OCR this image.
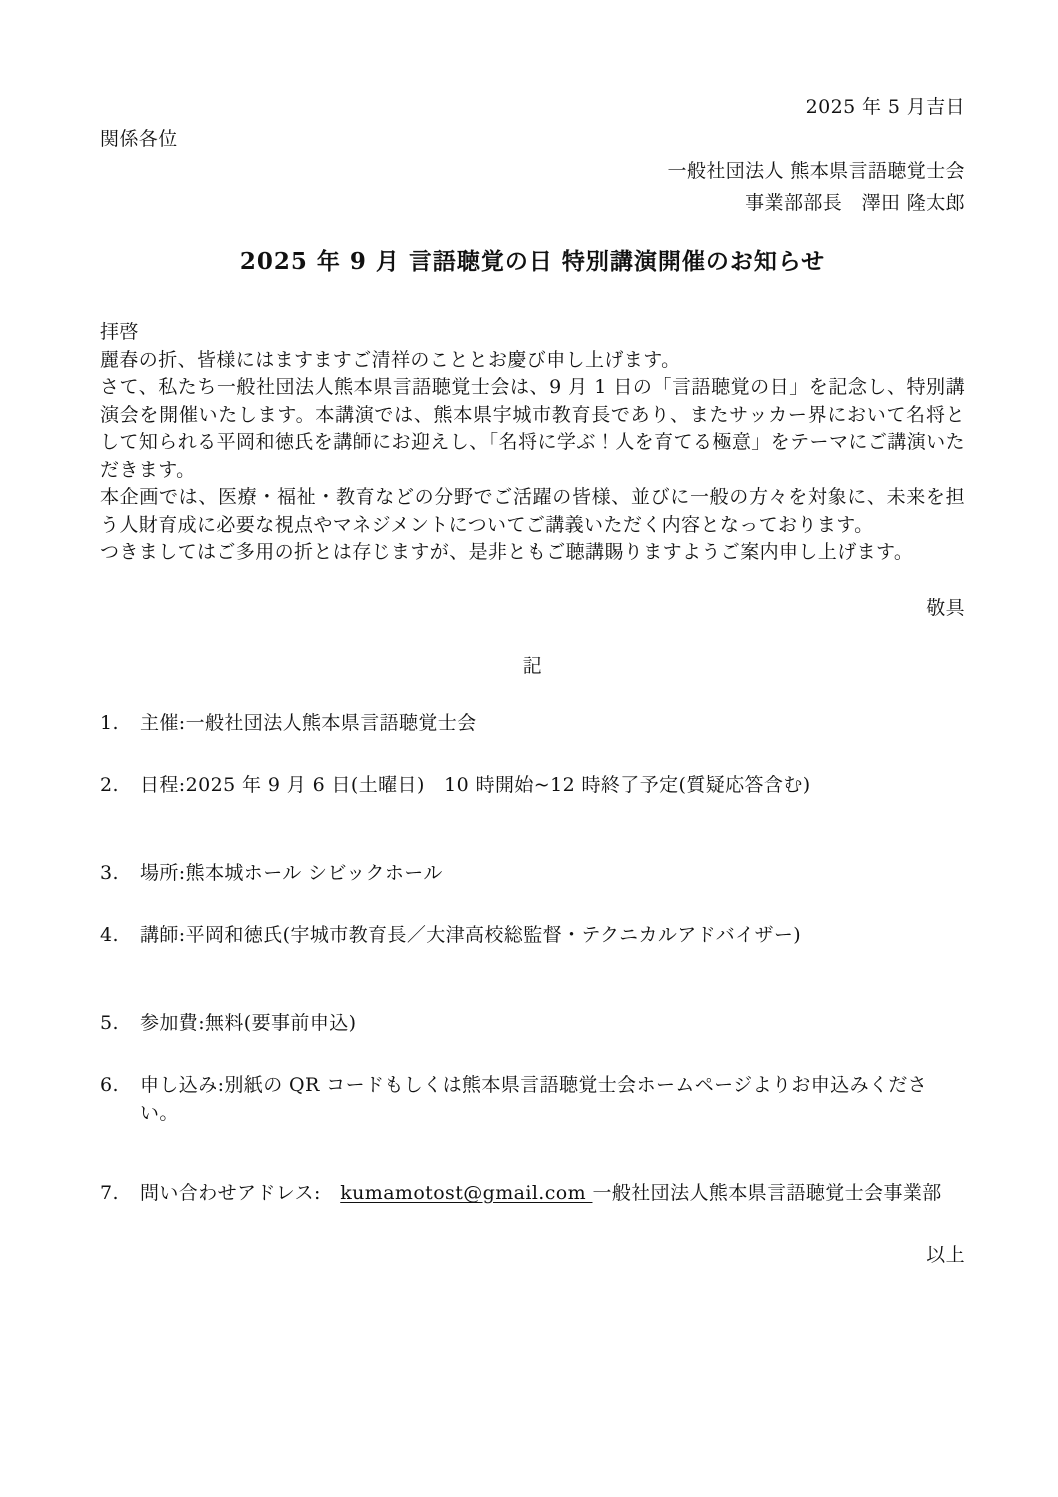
2025 年 5 月吉日

関係各位

一般社団法人 熊本県言語聴覚士会

事業部部長　澤田 隆太郎

2025 年 9 月 言語聴覚の日 特別講演開催のお知らせ

拝啓

麗春の折、皆様にはますますご清祥のこととお慶び申し上げます。

さて、私たち一般社団法人熊本県言語聴覚士会は、9 月 1 日の「言語聴覚の日」を記念し、特別講演会を開催いたします。本講演では、熊本県宇城市教育長であり、またサッカー界において名将として知られる平岡和徳氏を講師にお迎えし、「名将に学ぶ！人を育てる極意」をテーマにご講演いただきます。

本企画では、医療・福祉・教育などの分野でご活躍の皆様、並びに一般の方々を対象に、未来を担う人財育成に必要な視点やマネジメントについてご講義いただく内容となっております。

つきましてはご多用の折とは存じますが、是非ともご聴講賜りますようご案内申し上げます。

敬具

記

1.	主催:一般社団法人熊本県言語聴覚士会
2.	日程:2025 年 9 月 6 日(土曜日)　10 時開始~12 時終了予定(質疑応答含む)
3.	場所:熊本城ホール シビックホール
4.	講師:平岡和徳氏(宇城市教育長／大津高校総監督・テクニカルアドバイザー)
5.	参加費:無料(要事前申込)
6.	申し込み:別紙の QR コードもしくは熊本県言語聴覚士会ホームページよりお申込みください。
7.	問い合わせアドレス:　kumamotost@gmail.com 一般社団法人熊本県言語聴覚士会事業部

以上
